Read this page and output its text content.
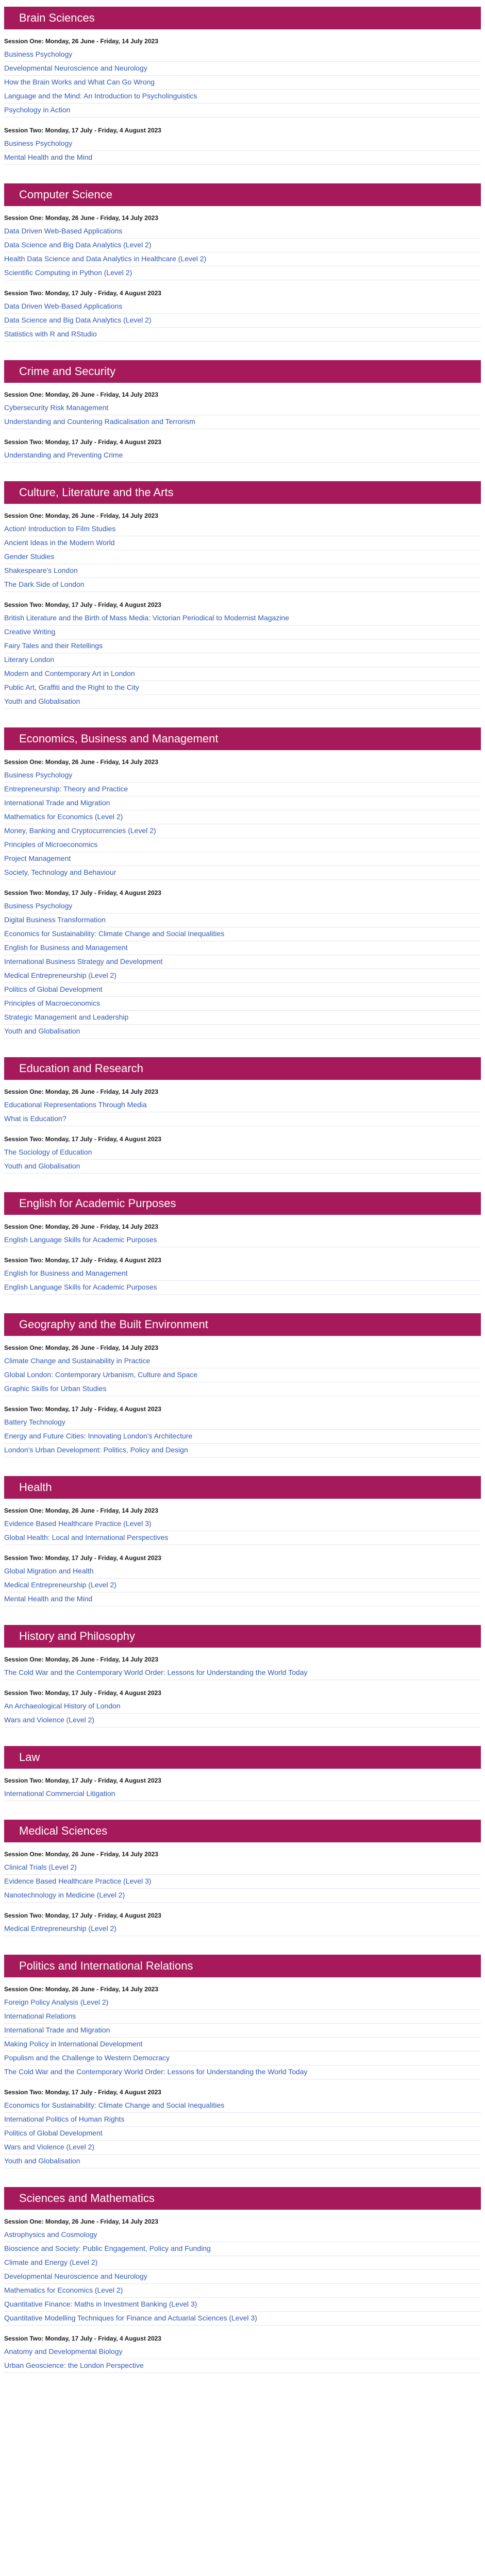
Brain Sciences
Session One: Monday, 26 June - Friday, 14 July 2023
Business Psychology
Developmental Neuroscience and Neurology
How the Brain Works and What Can Go Wrong
Language and the Mind: An Introduction to Psycholinguistics
Psychology in Action
Session Two: Monday, 17 July - Friday, 4 August 2023
Business Psychology
Mental Health and the Mind
Computer Science
Session One: Monday, 26 June - Friday, 14 July 2023
Data Driven Web-Based Applications
Data Science and Big Data Analytics (Level 2)
Health Data Science and Data Analytics in Healthcare (Level 2)
Scientific Computing in Python (Level 2)
Session Two: Monday, 17 July - Friday, 4 August 2023
Data Driven Web-Based Applications
Data Science and Big Data Analytics (Level 2)
Statistics with R and RStudio
Crime and Security
Session One: Monday, 26 June - Friday, 14 July 2023
Cybersecurity Risk Management
Understanding and Countering Radicalisation and Terrorism
Session Two: Monday, 17 July - Friday, 4 August 2023
Understanding and Preventing Crime
Culture, Literature and the Arts
Session One: Monday, 26 June - Friday, 14 July 2023
Action! Introduction to Film Studies
Ancient Ideas in the Modern World
Gender Studies
Shakespeare's London
The Dark Side of London
Session Two: Monday, 17 July - Friday, 4 August 2023
British Literature and the Birth of Mass Media: Victorian Periodical to Modernist Magazine
Creative Writing
Fairy Tales and their Retellings
Literary London
Modern and Contemporary Art in London
Public Art, Graffiti and the Right to the City
Youth and Globalisation
Economics, Business and Management
Session One: Monday, 26 June - Friday, 14 July 2023
Business Psychology
Entrepreneurship: Theory and Practice
International Trade and Migration
Mathematics for Economics (Level 2)
Money, Banking and Cryptocurrencies (Level 2)
Principles of Microeconomics
Project Management
Society, Technology and Behaviour
Session Two: Monday, 17 July - Friday, 4 August 2023
Business Psychology
Digital Business Transformation
Economics for Sustainability: Climate Change and Social Inequalities
English for Business and Management
International Business Strategy and Development
Medical Entrepreneurship (Level 2)
Politics of Global Development
Principles of Macroeconomics
Strategic Management and Leadership
Youth and Globalisation
Education and Research
Session One: Monday, 26 June - Friday, 14 July 2023
Educational Representations Through Media
What is Education?
Session Two: Monday, 17 July - Friday, 4 August 2023
The Sociology of Education
Youth and Globalisation
English for Academic Purposes
Session One: Monday, 26 June - Friday, 14 July 2023
English Language Skills for Academic Purposes
Session Two: Monday, 17 July - Friday, 4 August 2023
English for Business and Management
English Language Skills for Academic Purposes
Geography and the Built Environment
Session One: Monday, 26 June - Friday, 14 July 2023
Climate Change and Sustainability in Practice
Global London: Contemporary Urbanism, Culture and Space
Graphic Skills for Urban Studies
Session Two: Monday, 17 July - Friday, 4 August 2023
Battery Technology
Energy and Future Cities: Innovating London's Architecture
London's Urban Development: Politics, Policy and Design
Health
Session One: Monday, 26 June - Friday, 14 July 2023
Evidence Based Healthcare Practice (Level 3)
Global Health: Local and International Perspectives
Session Two: Monday, 17 July - Friday, 4 August 2023
Global Migration and Health
Medical Entrepreneurship (Level 2)
Mental Health and the Mind
History and Philosophy
Session One: Monday, 26 June - Friday, 14 July 2023
The Cold War and the Contemporary World Order: Lessons for Understanding the World Today
Session Two: Monday, 17 July - Friday, 4 August 2023
An Archaeological History of London
Wars and Violence (Level 2)
Law
Session Two: Monday, 17 July - Friday, 4 August 2023
International Commercial Litigation
Medical Sciences
Session One: Monday, 26 June - Friday, 14 July 2023
Clinical Trials (Level 2)
Evidence Based Healthcare Practice (Level 3)
Nanotechnology in Medicine (Level 2)
Session Two: Monday, 17 July - Friday, 4 August 2023
Medical Entrepreneurship (Level 2)
Politics and International Relations
Session One: Monday, 26 June - Friday, 14 July 2023
Foreign Policy Analysis (Level 2)
International Relations
International Trade and Migration
Making Policy in International Development
Populism and the Challenge to Western Democracy
The Cold War and the Contemporary World Order: Lessons for Understanding the World Today
Session Two: Monday, 17 July - Friday, 4 August 2023
Economics for Sustainability: Climate Change and Social Inequalities
International Politics of Human Rights
Politics of Global Development
Wars and Violence (Level 2)
Youth and Globalisation
Sciences and Mathematics
Session One: Monday, 26 June - Friday, 14 July 2023
Astrophysics and Cosmology
Bioscience and Society: Public Engagement, Policy and Funding
Climate and Energy (Level 2)
Developmental Neuroscience and Neurology
Mathematics for Economics (Level 2)
Quantitative Finance: Maths in Investment Banking (Level 3)
Quantitative Modelling Techniques for Finance and Actuarial Sciences (Level 3)
Session Two: Monday, 17 July - Friday, 4 August 2023
Anatomy and Developmental Biology
Urban Geoscience: the London Perspective
